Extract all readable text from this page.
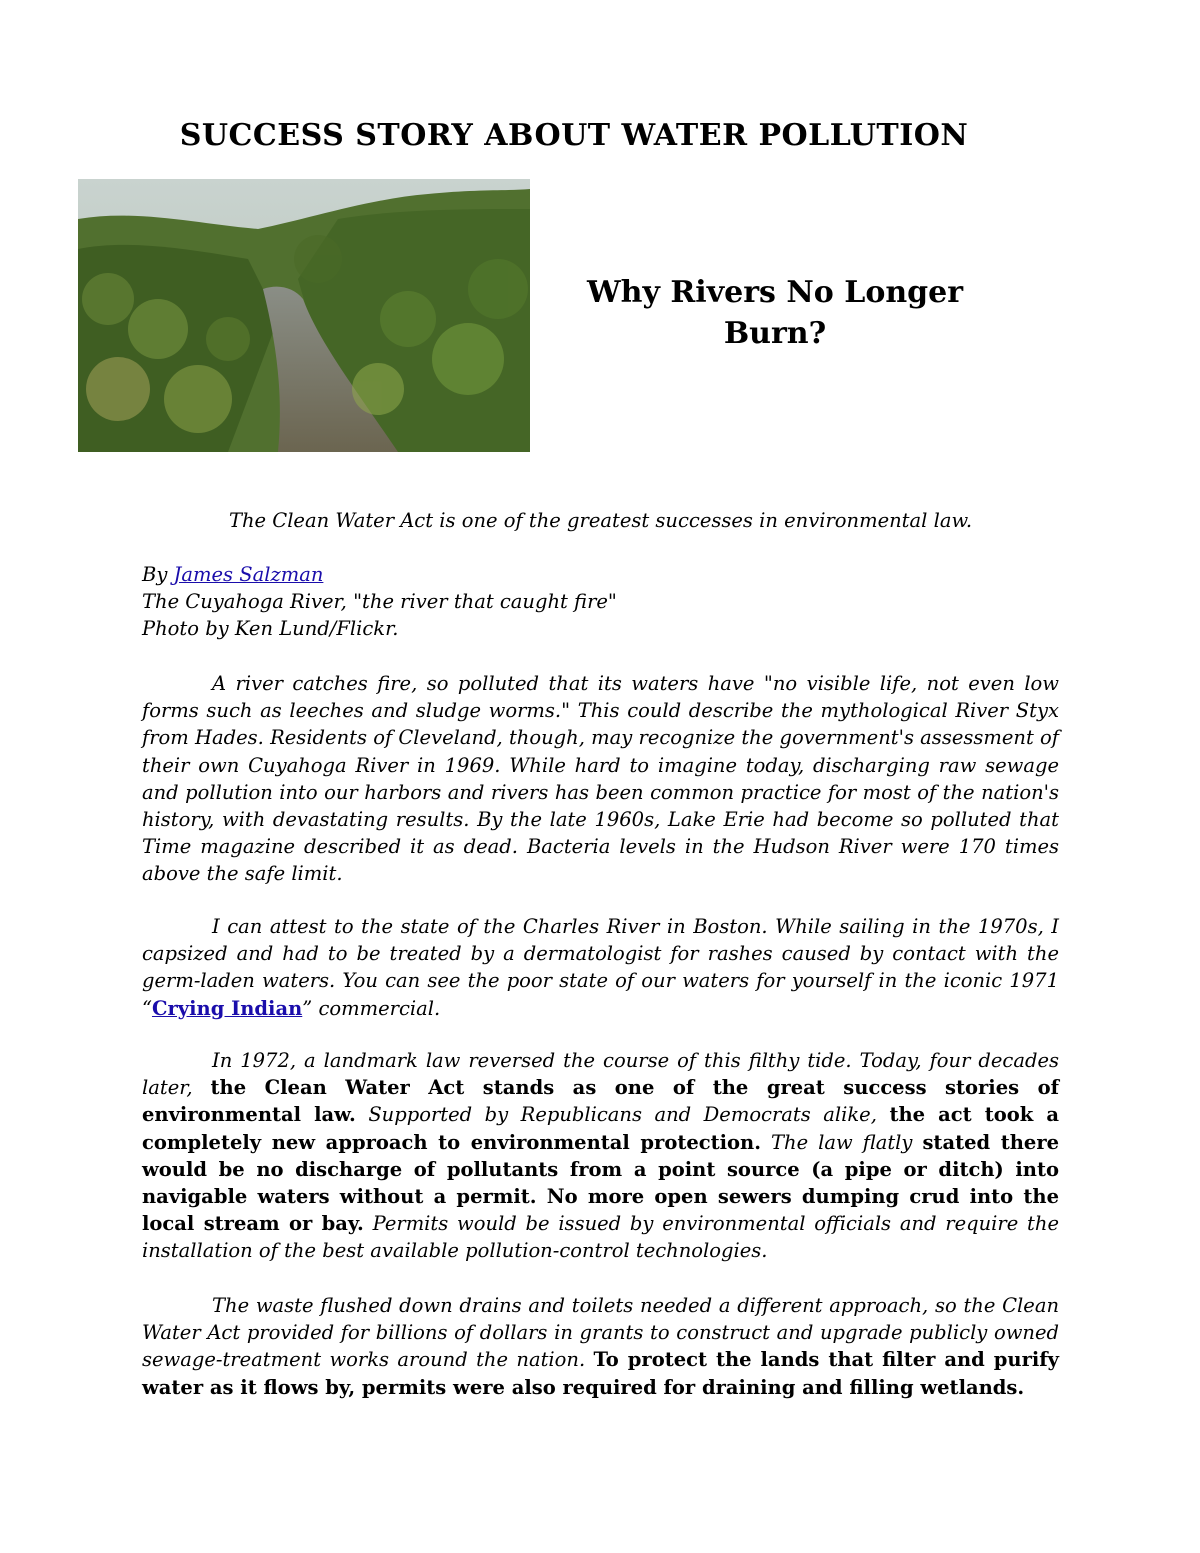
SUCCESS STORY ABOUT WATER POLLUTION
Why Rivers No Longer
Burn?

The Clean Water Act is one of the greatest successes in environmental law.

By James Salzman
The Cuyahoga River, "the river that caught fire"
Photo by Ken Lund/Flickr.

A river catches fire, so polluted that its waters have "no visible life, not even low forms such as leeches and sludge worms." This could describe the mythological River Styx from Hades. Residents of Cleveland, though, may recognize the government's assessment of their own Cuyahoga River in 1969. While hard to imagine today, discharging raw sewage and pollution into our harbors and rivers has been common practice for most of the nation's history, with devastating results. By the late 1960s, Lake Erie had become so polluted that Time magazine described it as dead. Bacteria levels in the Hudson River were 170 times above the safe limit.

I can attest to the state of the Charles River in Boston. While sailing in the 1970s, I capsized and had to be treated by a dermatologist for rashes caused by contact with the germ-laden waters. You can see the poor state of our waters for yourself in the iconic 1971 “Crying Indian” commercial.

In 1972, a landmark law reversed the course of this filthy tide. Today, four decades later, the Clean Water Act stands as one of the great success stories of environmental law. Supported by Republicans and Democrats alike, the act took a completely new approach to environmental protection. The law flatly stated there would be no discharge of pollutants from a point source (a pipe or ditch) into navigable waters without a permit. No more open sewers dumping crud into the local stream or bay. Permits would be issued by environmental officials and require the installation of the best available pollution-control technologies.

The waste flushed down drains and toilets needed a different approach, so the Clean Water Act provided for billions of dollars in grants to construct and upgrade publicly owned sewage-treatment works around the nation. To protect the lands that filter and purify water as it flows by, permits were also required for draining and filling wetlands.
